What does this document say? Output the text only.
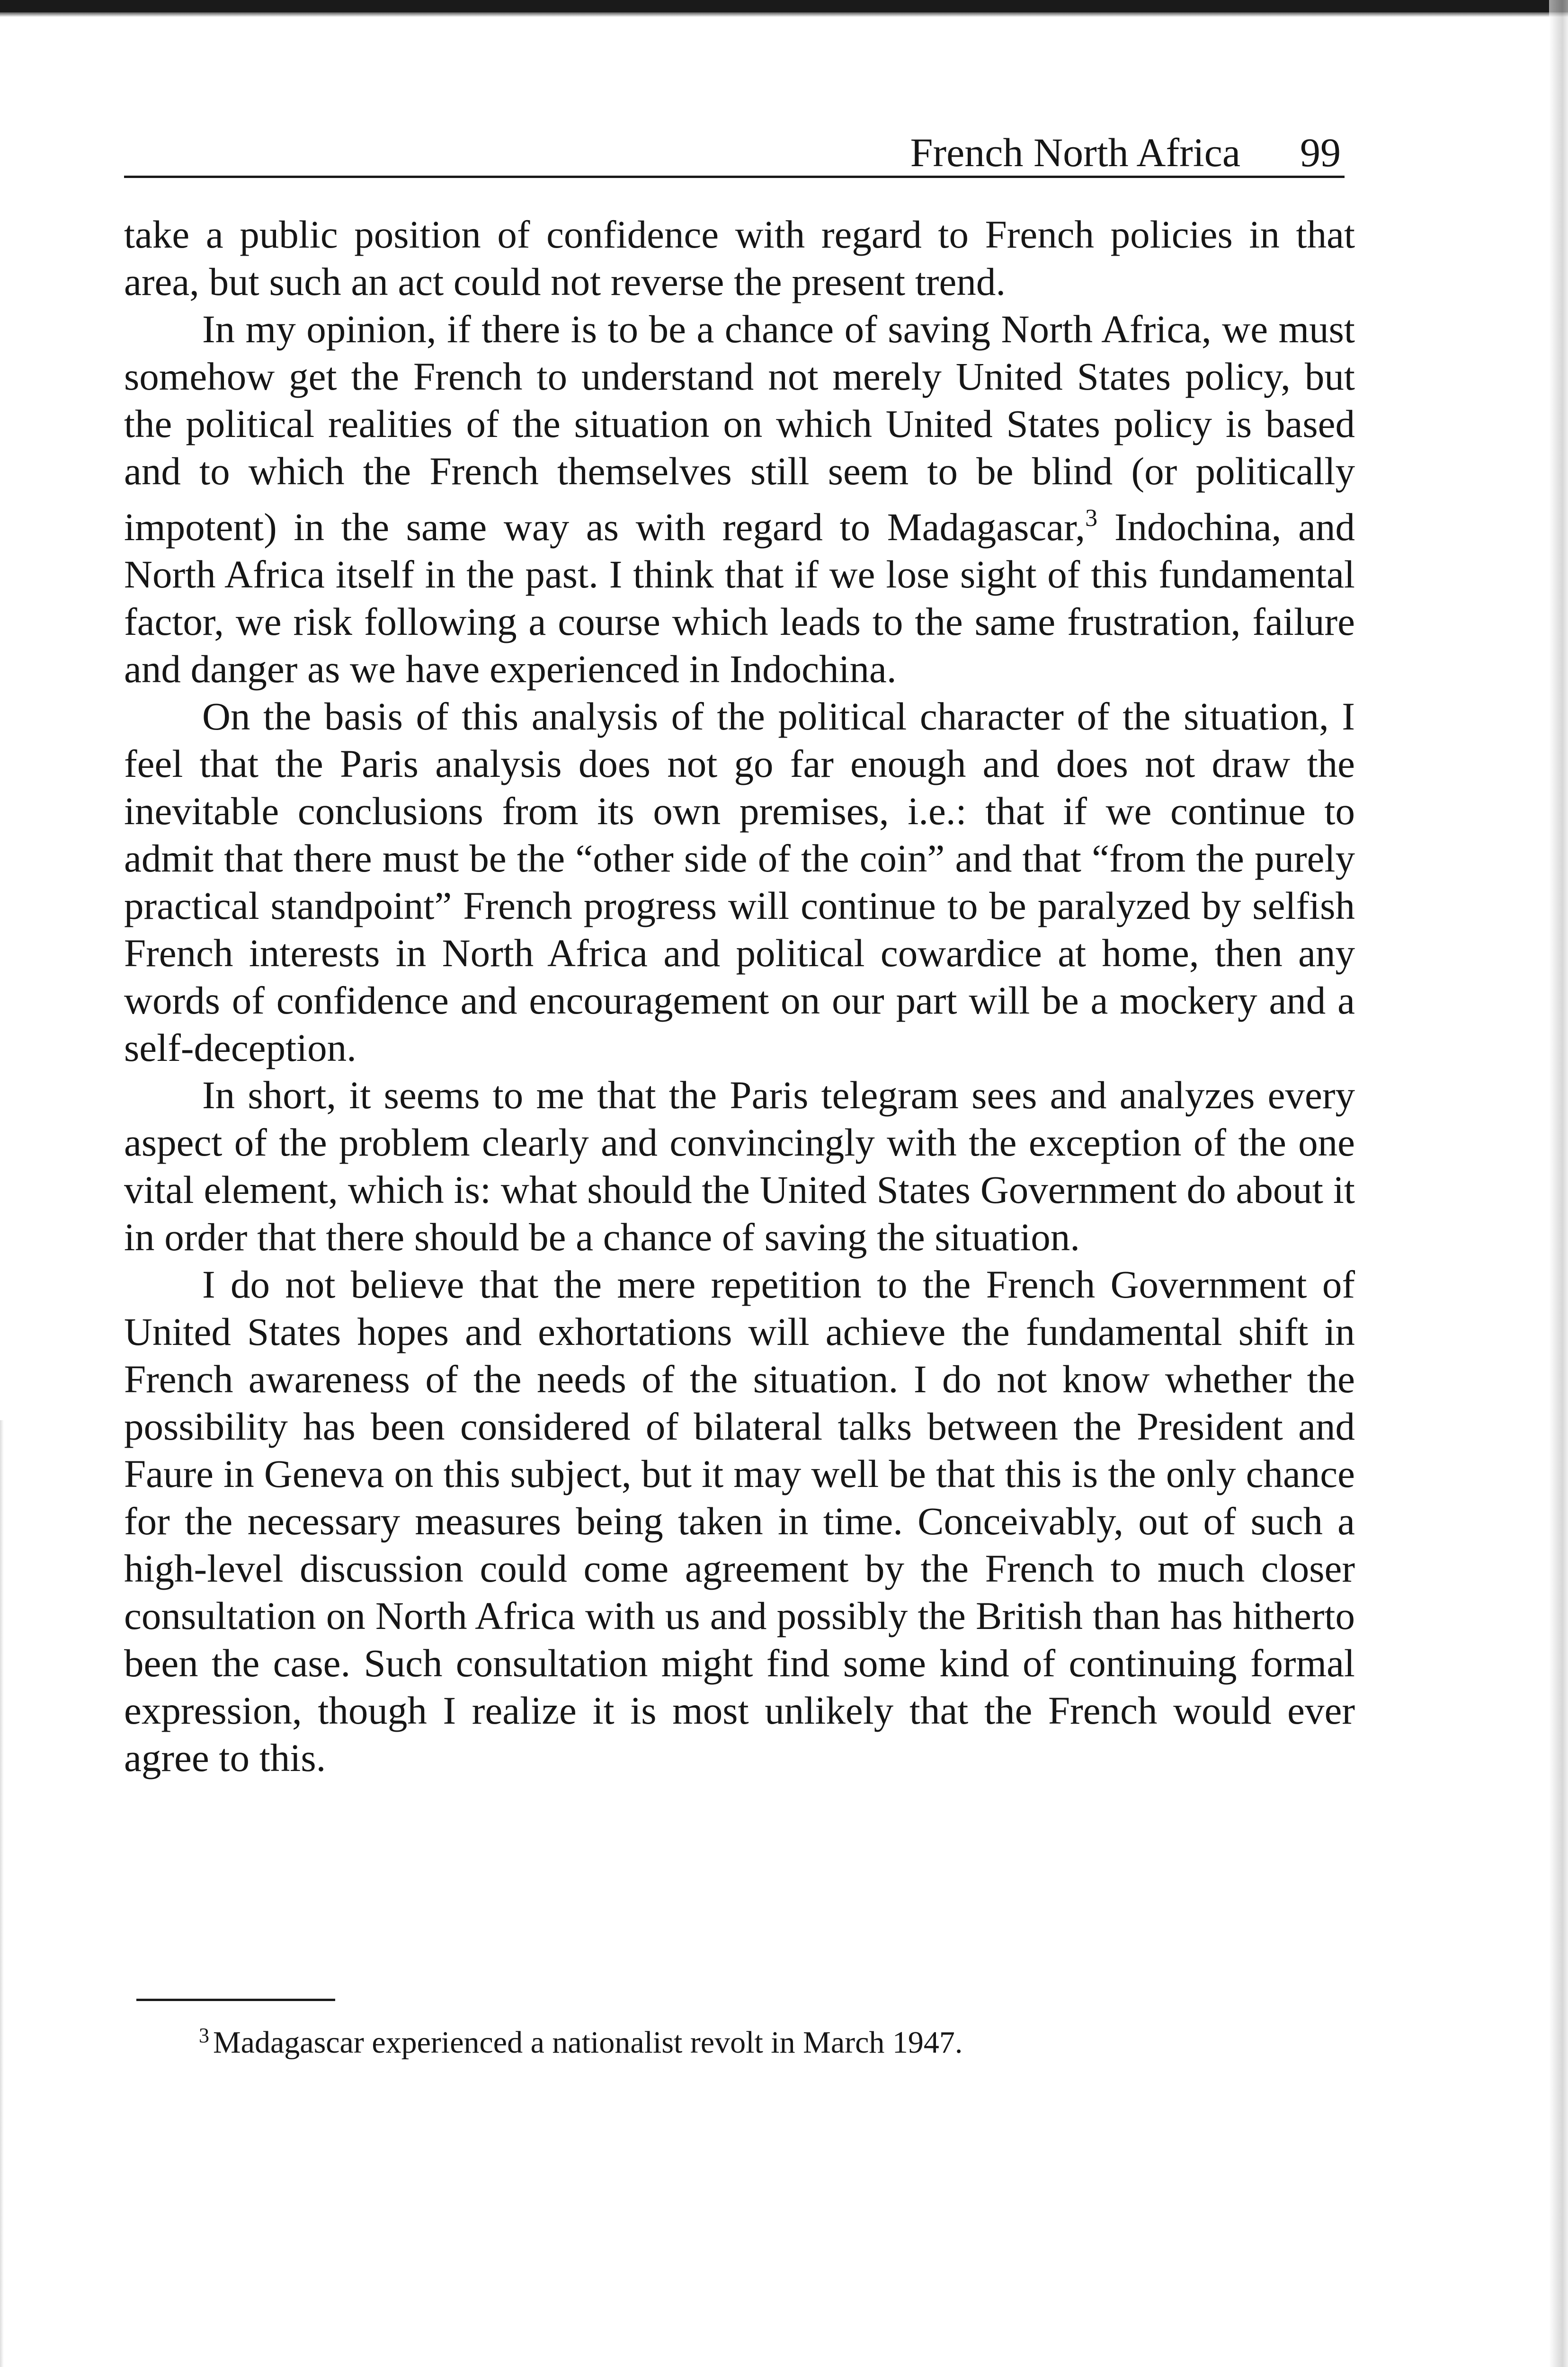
French North Africa 99

take a public position of confidence with regard to French policies in that area, but such an act could not reverse the present trend.

In my opinion, if there is to be a chance of saving North Africa, we must somehow get the French to understand not merely United States policy, but the political realities of the situation on which United States policy is based and to which the French themselves still seem to be blind (or politically impotent) in the same way as with regard to Madagascar,$^3$ Indochina, and North Africa itself in the past. I think that if we lose sight of this fundamental factor, we risk following a course which leads to the same frustration, failure and danger as we have experienced in Indochina.

On the basis of this analysis of the political character of the situation, I feel that the Paris analysis does not go far enough and does not draw the inevitable conclusions from its own premises, i.e.: that if we continue to admit that there must be the “other side of the coin” and that “from the purely practical standpoint” French progress will continue to be paralyzed by selfish French interests in North Africa and political cowardice at home, then any words of confidence and encouragement on our part will be a mockery and a self-deception.

In short, it seems to me that the Paris telegram sees and analyzes every aspect of the problem clearly and convincingly with the exception of the one vital element, which is: what should the United States Government do about it in order that there should be a chance of saving the situation.

I do not believe that the mere repetition to the French Government of United States hopes and exhortations will achieve the fundamental shift in French awareness of the needs of the situation. I do not know whether the possibility has been considered of bilateral talks between the President and Faure in Geneva on this subject, but it may well be that this is the only chance for the necessary measures being taken in time. Conceivably, out of such a high-level discussion could come agreement by the French to much closer consultation on North Africa with us and possibly the British than has hitherto been the case. Such consultation might find some kind of continuing formal expression, though I realize it is most unlikely that the French would ever agree to this.

$^3$ Madagascar experienced a nationalist revolt in March 1947.
